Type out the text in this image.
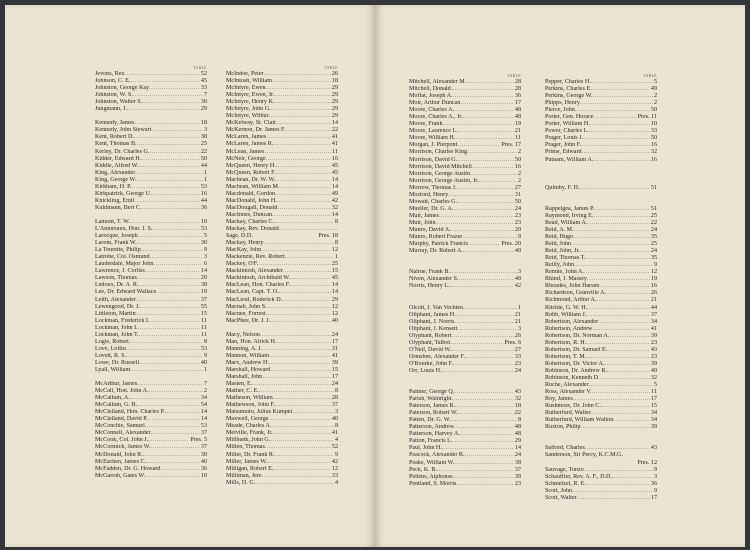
TABLE
Jevons, Rex .....	52
Johnson, C. E. .....	45
Johnston, George Kay .....	33
Johnston, W. S. .....	7
Johnston, Walter S. .....	30
Jungmann, J. .....	29
Kennedy, James .....	18
Kennedy, John Stewart .....	3
Kent, Robert D. .....	38
Kent, Thomas B. .....	25
Kerley, Dr. Charles G. .....	22
Kidder, Edward H. .....	50
Kiddle, Alfred W. .....	44
King, Alexander .....	1
King, George W. .....	1
Kirkham, H. P. .....	53
Kirkpatrick, George U. .....	16
Knickling, Emil .....	44
Kuhlmann, Bert C. .....	36
Lamont, T. W. .....	10
L'Amoreaux, Hon. J. S. .....	53
Larocque, Joseph .....	5
Larom, Frank W. .....	30
La Tourette, Philip .....	9
Latrobe, Col. Osmund .....	3
Lauderdale, Major John .....	6
Lawrence, J. Corliss .....	14
Lawson, Thomas .....	20
Ledoux, Dr. A. R. .....	38
Lee, Dr. Edward Wallace .....	19
Leith, Alexander .....	37
Lewengood, Dr. J. .....	55
Littleton, Martin .....	15
Lockman, Frederick I. .....	11
Lockman, John I. .....	11
Lockman, John T. .....	11
Logie, Robert .....	8
Love, Loftin .....	53
Lovett, R. S. .....	9
Lowe, Dr. Russell .....	40
Lyall, William .....	1
McArthur, James .....	7
McCall, Hon. John A. .....	2
McCallum, A. .....	34
McCallum, G. B. .....	54
McClelland, Hon. Charles P. .....	14
McClelland, David P. .....	14
McConchie, Samuel .....	53
McConnell, Alexander .....	37
McCook, Col. John J. .....	Pres. 5
McCormick, James W. .....	37
McDonald, John R. .....	30
McEachen, James C. .....	40
McFadden, Dr. G. Howard .....	36
McGarrah, Gates W. .....	10
TABLE
McIndoe, Peter .....	26
McIntosh, William .....	18
McIntyre, Ewen .....	29
McIntyre, Ewen, Jr. .....	29
McIntyre, Henry K. .....	29
McIntyre, John G. .....	29
McIntyre, Wilbur .....	29
McKelway, St. Clair .....	14
McKernon, Dr. James F. .....	22
McLaren, James .....	41
McLaren, James R. .....	41
McLean, James .....	11
McNeir, George .....	16
McQueen, Henry H. .....	45
McQueen, Robert F. .....	45
Macbean, Dr. W. W. .....	14
Macbean, William M. .....	14
Macdonald, Gordon .....	49
MacDonald, John H. .....	42
MacDougall, Donald .....	32
MacInnes, Duncan .....	14
Mackay, Charles C. .....	8
Mackay, Rev. Donald
.....
Sage, D.D.	Pres. 18
Mackay, Henry .....	8
MacKay, John .....	12
Mackenzie, Rev. Robert .....	1
Mackey, O'F. .....	25
Mackintosh, Alexander .....	15
Mackintosh, Archibald W. .....	45
MacLean, Hon. Charles F. .....	14
MacLean, Capt. T. O. .....	14
MacLeod, Roderick D. .....	29
Macnab, John S. .....	12
Macnee, Forrest .....	12
MacPhee, Dr. J. J. .....	40
Macy, Nelson .....	24
Man, Hon. Alrick H. .....	17
Manning, A. J. .....	31
Mannon, William .....	41
Marx, Andrew H. .....	39
Marshall, Howard .....	15
Marshall, John .....	17
Masten, E. .....	24
Mather, C. E. .....	8
Matheson, William .....	28
Mathewson, John F. .....	37
Matsumoto, Julius Kumpei .....	3
Maxwell, George .....	40
Meade, Charles A. .....	8
Melville, Frank, Jr. .....	41
Millbank, John G. .....	4
Millen, Thomas .....	52
Miller, Dr. Frank R. .....	9
Miller, James W. .....	42
Milligan, Robert E. .....	12
Milliman, Jere .....	33
Mills, D. G. .....	4
TABLE
Mitchell, Alexander M. .....	28
Mitchell, Donald .....	28
Moffat, Joseph A. .....	36
Moir, Arthur Duncan .....	17
Moore, Charles A. .....	48
Moore, Charles A., Jr. .....	48
Moore, Frank .....	19
Moore, Laurence L. .....	21
Moore, William H. .....	11
Morgan, J. Pierpont .....	Pres. 17
Morrison, Charles King .....	2
Morrison, David G. .....	50
Morrison, David Mitchell .....	16
Morrison, George Austin .....	2
Morrison, George Austin, Jr. .....	2
Morrow, Thomas J. .....	27
Mosford, Henry .....	31
Mowatt, Charles G. .....	50
Mueller, Dr. G. A. .....	24
Muir, James .....	23
Muir, John .....	23
Munro, David A. .....	20
Munro, Robert Frazer .....	9
Murphy, Patrick Francis .....	Pres. 20
Murray, Dr. Robert A. .....	40
Nairne, Frank B. .....	3
Niven, Alexander S. .....	48
Norris, Henry L. .....	42
Olcott, J. Van Vechten .....	1
Oliphant, James H. .....	21
Oliphant, J. Norris .....	21
Oliphant, J. Kensett .....	3
Olyphant, Robert .....	26
Olyphant, Talbot .....	Pres. 6
O'Neil, David W. .....	27
Ormsbee, Alexander F. .....	33
O'Rourke, John F. .....	23
Orr, Louis H. .....	24
Palmer, George Q. .....	43
Parish, Wainright .....	32
Paterson, James R. .....	18
Paterson, Robert W. .....	22
Patten, Dr. G. W. .....	8
Patterson, Andrew .....	48
Patterson, Harvey A. .....	48
Patton, Francis L. .....	29
Paul, John H. .....	14
Peacock, Alexander R. .....	24
Peake, William W. .....	38
Peck, K. B. .....	37
Pellens, Alphonse .....	39
Pentland, S. Morris .....	23
TABLE
Pepper, Charles H. .....	5
Perkins, Charles E. .....	49
Perkins, George W. .....	2
Phipps, Henry .....	2
Pierce, John .....	50
Porter, Gen. Horace .....	Pres. 11
Porter, William H. .....	10
Power, Charles L. .....	33
Prager, Louis J. .....	50
Prager, John F. .....	16
Prime, Edward .....	32
Putnam, William A. .....	16
Quimby, F. H. .....	51
Rappelgea, James P. .....	51
Raymond, Irving E. .....	25
Read, William A. .....	22
Reid, A. M. .....	24
Reid, Hugo .....	35
Reid, John .....	25
Reid, John, Jr. .....	24
Reid, Thomas T. .....	35
Reilly, John .....	9
Rennie, John A. .....	12
Rhind, J. Massey .....	19
Rhoades, John Harsen .....	16
Richardson, Granville A. .....	26
Richmond, Arthur A. .....	21
Ritchie, G. W. H. .....	44
Robb, William J. .....	37
Robertson, Alexander .....	34
Robertson, Andrew .....	41
Robertson, Dr. Norman A. .....	39
Robertson, R. H. .....	23
Robertson, Dr. Samuel E. .....	43
Robertson, T. M. .....	23
Robertson, Dr. Victor A. .....	39
Robinson, Dr. Andrew R. .....	40
Robinson, Kenneth D. .....	32
Roche, Alexander .....	5
Ross, Alexander V. .....	11
Roy, James .....	17
Rushmore, Dr. John C. .....	15
Rutherfurd, Walter .....	34
Rutherfurd, William Walton .....	34
Ruxton, Philip .....	39
Safford, Charles .....	43
Sanderson, Sir Percy, K.C.M.G.
Pres. 12
Sauvage, Tonzo .....	9
Schauffler, Rev. A. F., D.D. .....	3
Schmelzel, R. E. .....	36
Scott, John .....	9
Scott, Walter .....	17
